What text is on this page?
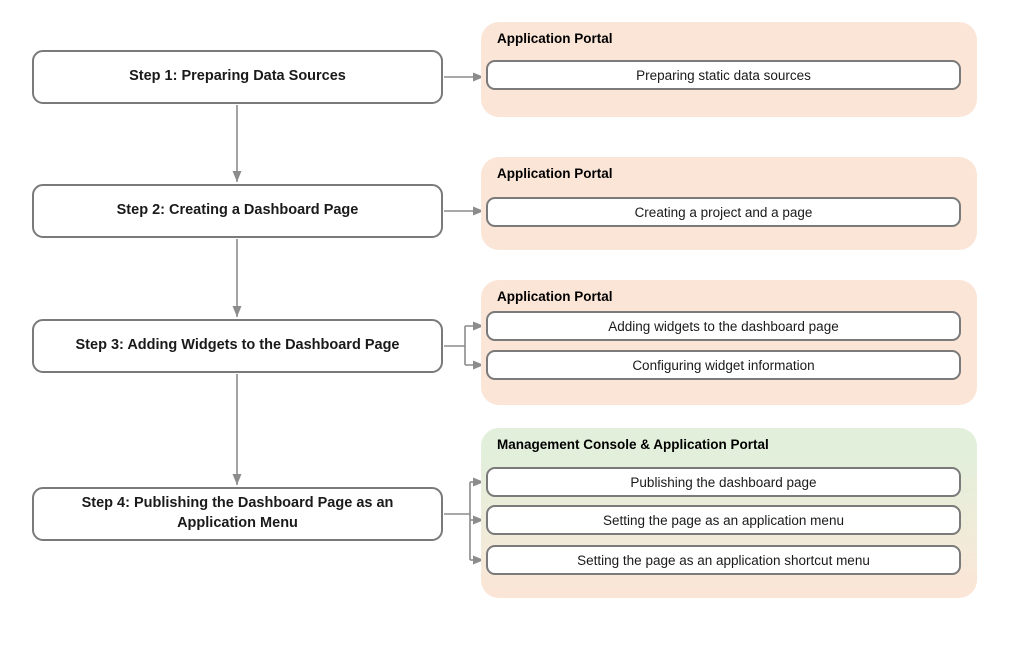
Step 1: Preparing Data Sources
Step 2: Creating a Dashboard Page
Step 3: Adding Widgets to the Dashboard Page
Step 4: Publishing the Dashboard Page as an Application Menu
Application Portal
Preparing static data sources
Application Portal
Creating a project and a page
Application Portal
Adding widgets to the dashboard page
Configuring widget information
Management Console & Application Portal
Publishing the dashboard page
Setting the page as an application menu
Setting the page as an application shortcut menu
